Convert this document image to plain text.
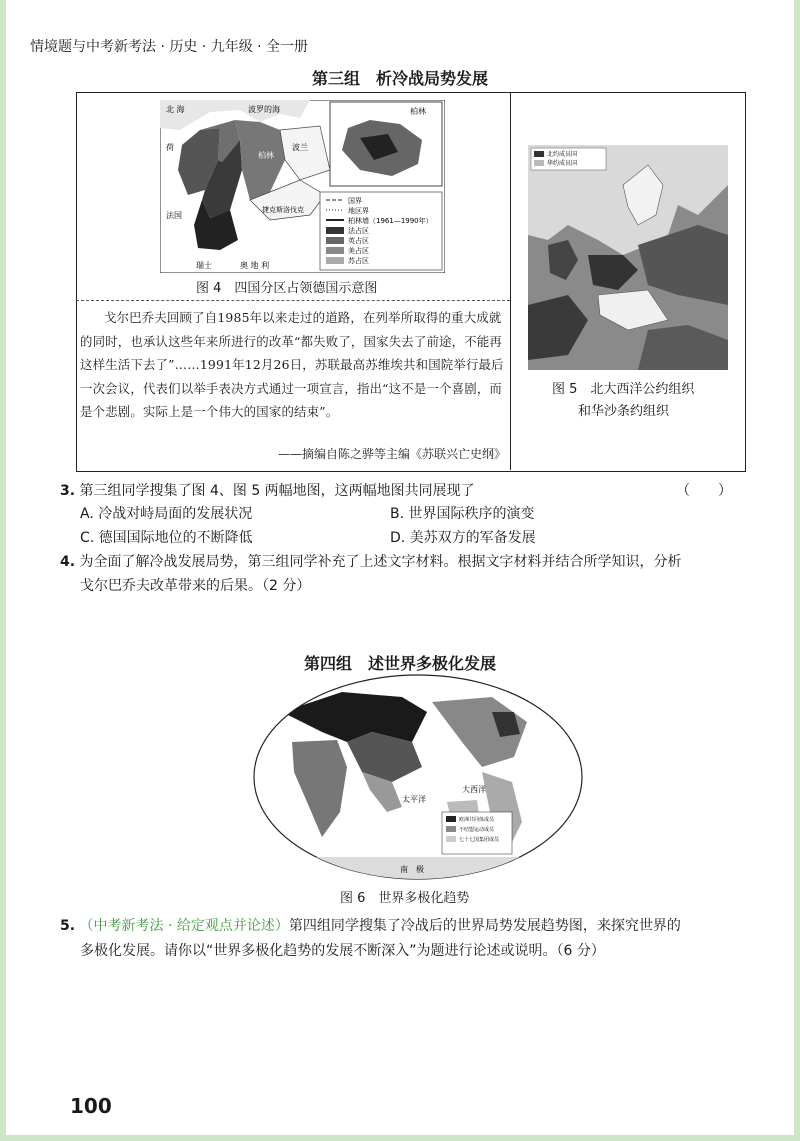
情境题与中考新考法 · 历史 · 九年级 · 全一册
第三组　析冷战局势发展
国界
地区界
柏林墙（1961—1990年）
法占区
英占区
美占区
苏占区
北 海	波罗的海
荷
法国
瑞士	奥 地 利
柏林
波兰
捷克斯洛伐克
柏林
图 4　四国分区占领德国示意图
北约成员国
华约成员国
图 5　北大西洋公约组织
和华沙条约组织
戈尔巴乔夫回顾了自1985年以来走过的道路，在列举所取得的重大成就的同时，也承认这些年来所进行的改革“都失败了，国家失去了前途，不能再这样生活下去了”……1991年12月26日，苏联最高苏维埃共和国院举行最后一次会议，代表们以举手表决方式通过一项宣言，指出“这不是一个喜剧，而是个悲剧。实际上是一个伟大的国家的结束”。
——摘编自陈之骅等主编《苏联兴亡史纲》
3. 第三组同学搜集了图 4、图 5 两幅地图，这两幅地图共同展现了	（　　）
A. 冷战对峙局面的发展状况	B. 世界国际秩序的演变
C. 德国国际地位的不断降低	D. 美苏双方的军备发展
4. 为全面了解冷战发展局势，第三组同学补充了上述文字材料。根据文字材料并结合所学知识，分析
戈尔巴乔夫改革带来的后果。（2 分）
第四组　述世界多极化发展
欧洲共同体成员
不结盟运动成员
七十七国集团成员
太平洋
大西洋
南　极
图 6　世界多极化趋势
5. （中考新考法 · 给定观点并论述）第四组同学搜集了冷战后的世界局势发展趋势图，来探究世界的
多极化发展。请你以“世界多极化趋势的发展不断深入”为题进行论述或说明。（6 分）
100
